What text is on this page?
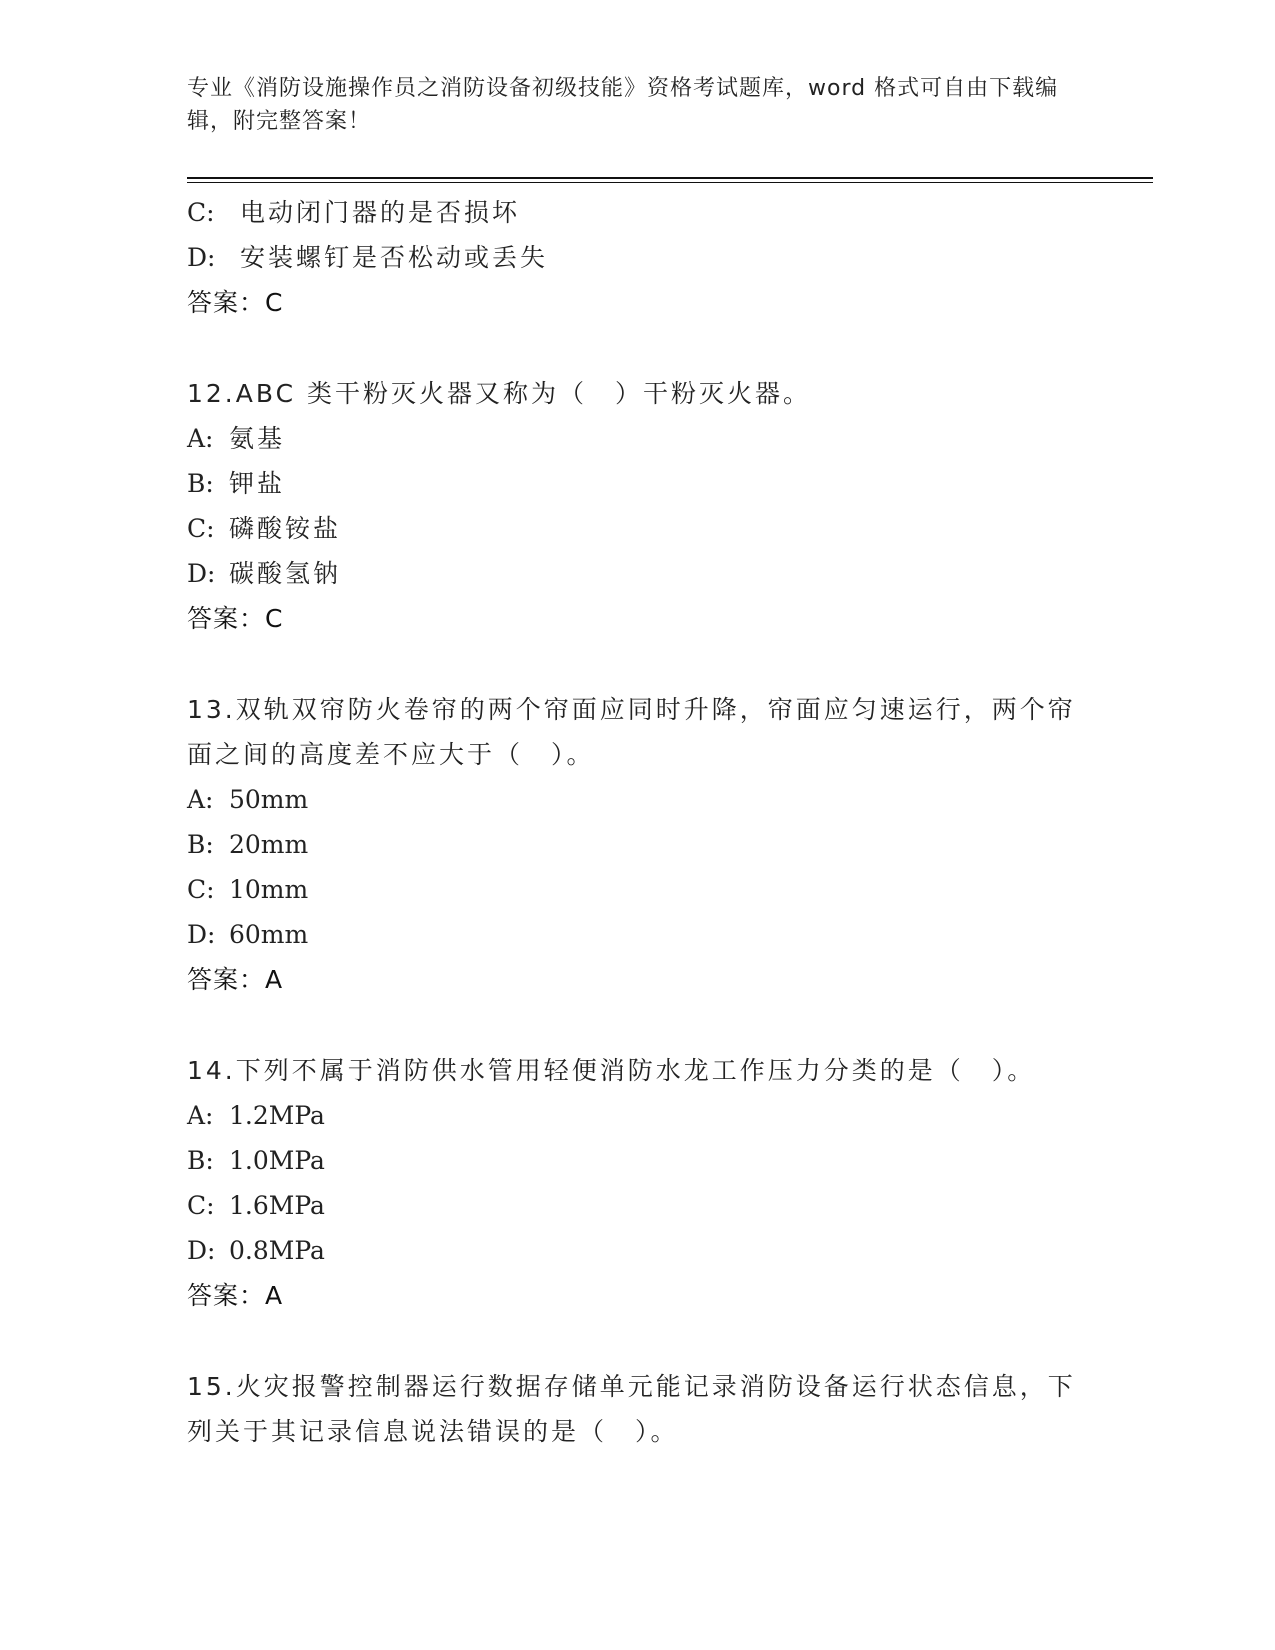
专业《消防设施操作员之消防设备初级技能》资格考试题库，word 格式可自由下载编辑，附完整答案！
C: 电动闭门器的是否损坏
D: 安装螺钉是否松动或丢失
答案：C
12.ABC 类干粉灭火器又称为（　）干粉灭火器。
A: 氨基
B: 钾盐
C: 磷酸铵盐
D: 碳酸氢钠
答案：C
13.双轨双帘防火卷帘的两个帘面应同时升降，帘面应匀速运行，两个帘面之间的高度差不应大于（　）。
A: 50mm
B: 20mm
C: 10mm
D: 60mm
答案：A
14.下列不属于消防供水管用轻便消防水龙工作压力分类的是（　）。
A: 1.2MPa
B: 1.0MPa
C: 1.6MPa
D: 0.8MPa
答案：A
15.火灾报警控制器运行数据存储单元能记录消防设备运行状态信息，下列关于其记录信息说法错误的是（　）。
